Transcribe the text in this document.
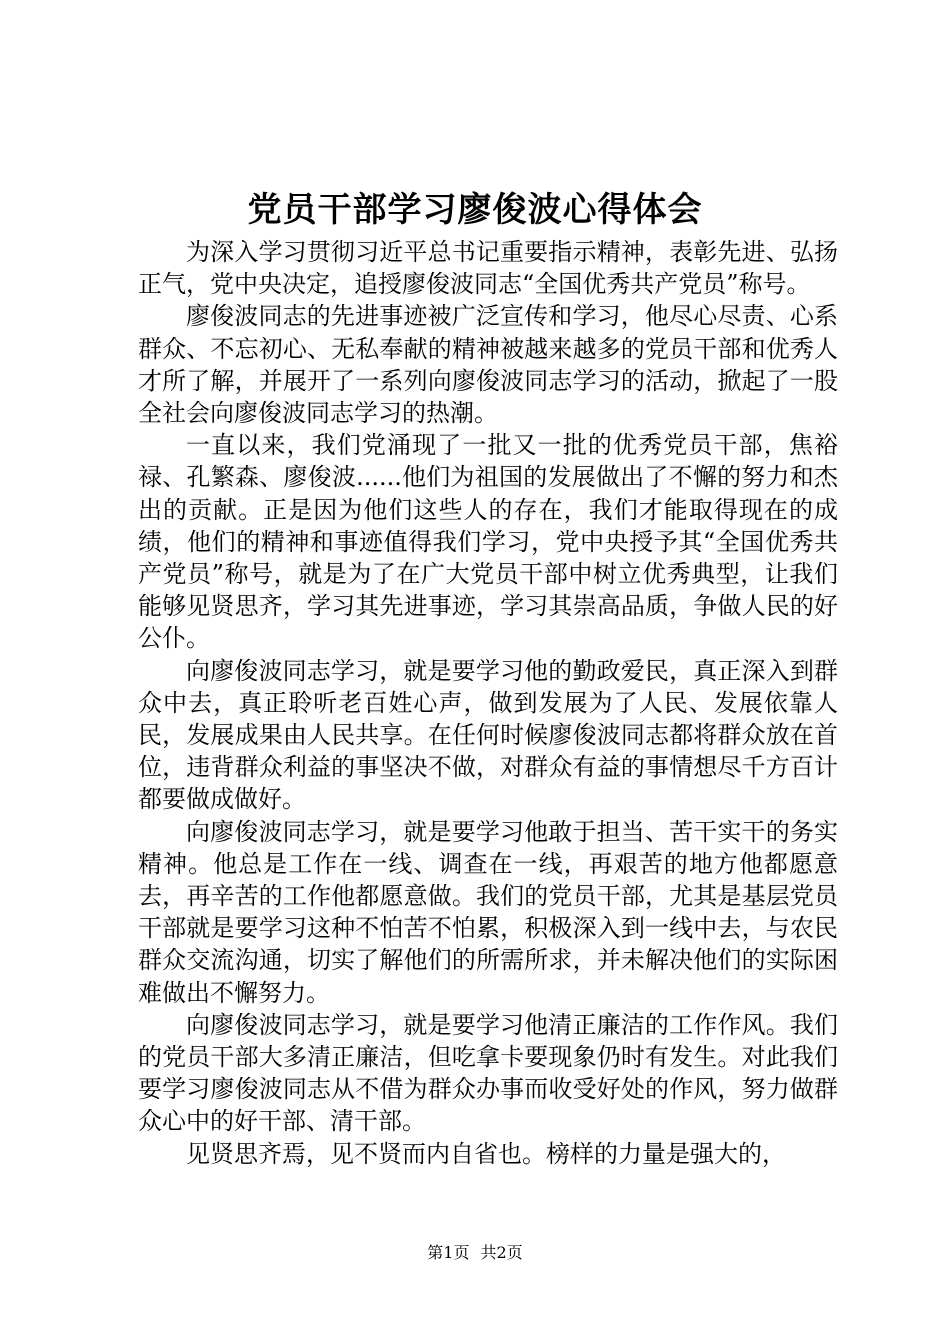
党员干部学习廖俊波心得体会

为深入学习贯彻习近平总书记重要指示精神，表彰先进、弘扬正气，党中央决定，追授廖俊波同志“全国优秀共产党员”称号。

廖俊波同志的先进事迹被广泛宣传和学习，他尽心尽责、心系群众、不忘初心、无私奉献的精神被越来越多的党员干部和优秀人才所了解，并展开了一系列向廖俊波同志学习的活动，掀起了一股全社会向廖俊波同志学习的热潮。

一直以来，我们党涌现了一批又一批的优秀党员干部，焦裕禄、孔繁森、廖俊波......他们为祖国的发展做出了不懈的努力和杰出的贡献。正是因为他们这些人的存在，我们才能取得现在的成绩，他们的精神和事迹值得我们学习，党中央授予其“全国优秀共产党员”称号，就是为了在广大党员干部中树立优秀典型，让我们能够见贤思齐，学习其先进事迹，学习其崇高品质，争做人民的好公仆。

向廖俊波同志学习，就是要学习他的勤政爱民，真正深入到群众中去，真正聆听老百姓心声，做到发展为了人民、发展依靠人民，发展成果由人民共享。在任何时候廖俊波同志都将群众放在首位，违背群众利益的事坚决不做，对群众有益的事情想尽千方百计都要做成做好。

向廖俊波同志学习，就是要学习他敢于担当、苦干实干的务实精神。他总是工作在一线、调查在一线，再艰苦的地方他都愿意去，再辛苦的工作他都愿意做。我们的党员干部，尤其是基层党员干部就是要学习这种不怕苦不怕累，积极深入到一线中去，与农民群众交流沟通，切实了解他们的所需所求，并未解决他们的实际困难做出不懈努力。

向廖俊波同志学习，就是要学习他清正廉洁的工作作风。我们的党员干部大多清正廉洁，但吃拿卡要现象仍时有发生。对此我们要学习廖俊波同志从不借为群众办事而收受好处的作风，努力做群众心中的好干部、清干部。

见贤思齐焉，见不贤而内自省也。榜样的力量是强大的，

第1页 共2页
